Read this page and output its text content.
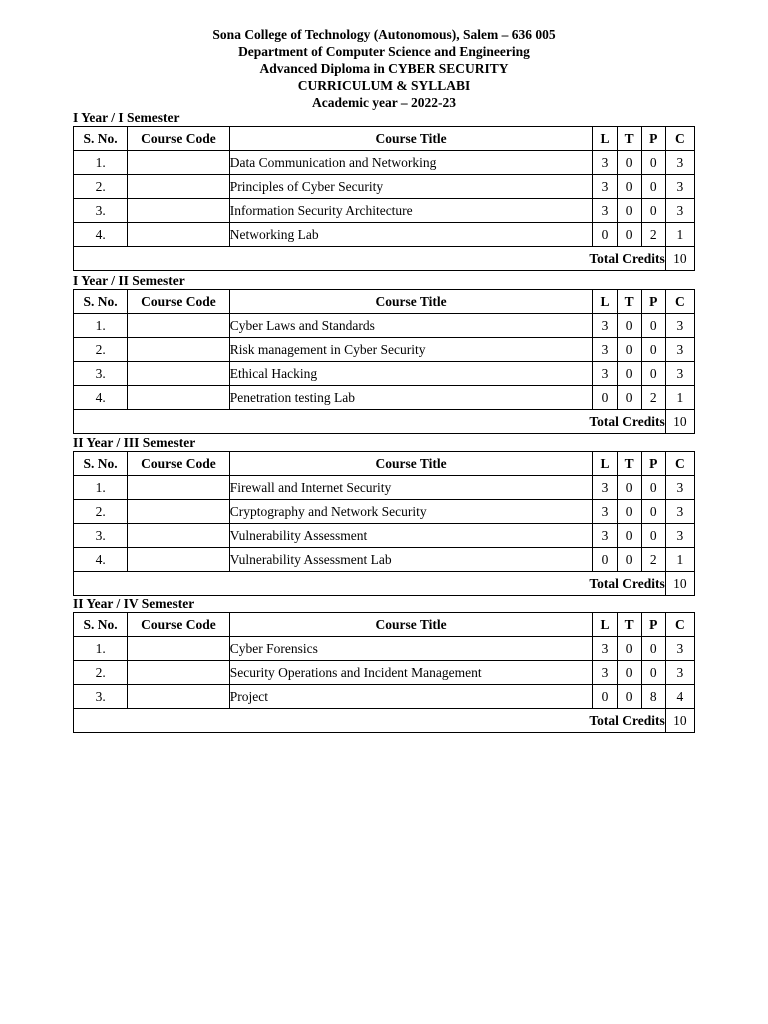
Sona College of Technology (Autonomous), Salem – 636 005
Department of Computer Science and Engineering
Advanced Diploma in CYBER SECURITY
CURRICULUM & SYLLABI
Academic year – 2022-23
I Year / I Semester
S. No.	Course Code	Course Title	L	T	P	C
1.		Data Communication and Networking	3	0	0	3
2.		Principles of Cyber Security	3	0	0	3
3.		Information Security Architecture	3	0	0	3
4.		Networking Lab	0	0	2	1
Total Credits						10
I Year / II Semester
S. No.	Course Code	Course Title	L	T	P	C
1.		Cyber Laws and Standards	3	0	0	3
2.		Risk management in Cyber Security	3	0	0	3
3.		Ethical Hacking	3	0	0	3
4.		Penetration testing Lab	0	0	2	1
Total Credits						10
II Year / III Semester
S. No.	Course Code	Course Title	L	T	P	C
1.		Firewall and Internet Security	3	0	0	3
2.		Cryptography and Network Security	3	0	0	3
3.		Vulnerability Assessment	3	0	0	3
4.		Vulnerability Assessment Lab	0	0	2	1
Total Credits						10
II Year / IV Semester
S. No.	Course Code	Course Title	L	T	P	C
1.		Cyber Forensics	3	0	0	3
2.		Security Operations and Incident Management	3	0	0	3
3.		Project	0	0	8	4
Total Credits						10
